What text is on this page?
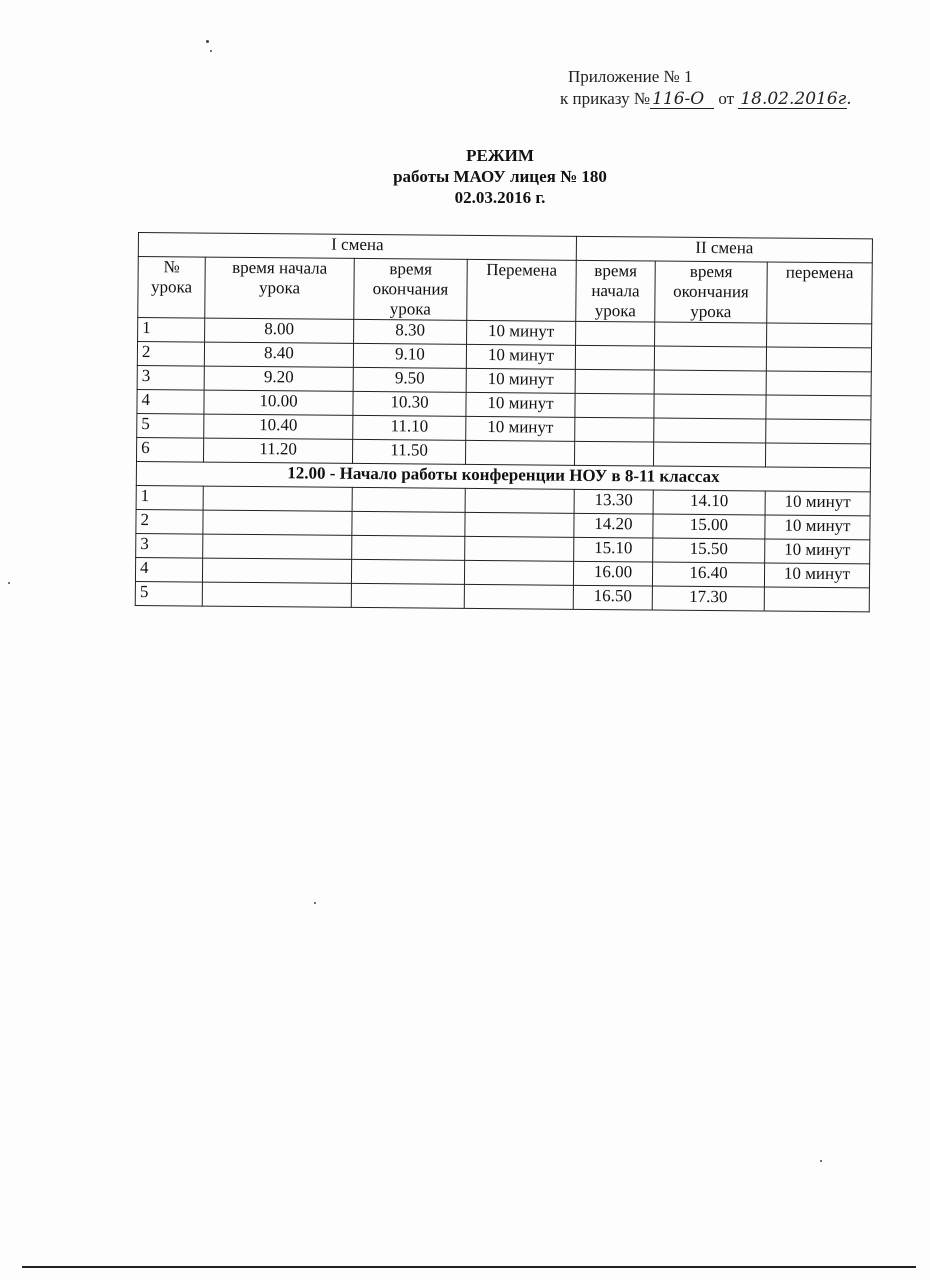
Приложение № 1
к приказу № 116-О от 18.02.2016г.
РЕЖИМ
работы МАОУ лицея № 180
02.03.2016 г.
I смена				II смена		
№ урока	время начала урока	время окончания урока	Перемена	время начала урока	время окончания урока	перемена
1	8.00	8.30	10 минут			
2	8.40	9.10	10 минут			
3	9.20	9.50	10 минут			
4	10.00	10.30	10 минут			
5	10.40	11.10	10 минут			
6	11.20	11.50				
12.00 - Начало работы конференции НОУ в 8-11 классах						
1				13.30	14.10	10 минут
2				14.20	15.00	10 минут
3				15.10	15.50	10 минут
4				16.00	16.40	10 минут
5				16.50	17.30	
